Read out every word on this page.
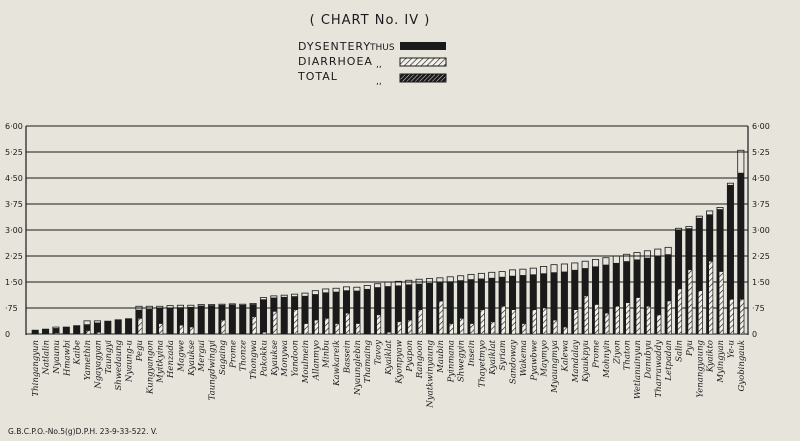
( CHART No. IV )
DYSENTERY
THUS
DIARRHOEA ,,
TOTAL	,,
0
·75
1·50
2·25
3·00
3·75
4·50
5·25
6·00
0
·75
1·50
2·25
3·00
3·75
4·50
5·25
6·00
Thingangyun Natlalin Nyaunu Hmawbi Kaibe Yamethin Ngayagyan Taungyi Shwedaung Nyaung-u Pegu Kungyangon Myitkyina Henzada Magwe Kyaukse Mergui Taungdwingyi Sagaing Prome Thonze Thongwa Pakokku Kyaukse Monywa Yandoon Moulmein Allanmyo Minbu Kawkareik Bassein Nyaunglebin Thamaing Tavoy Kyaiklat Kyonpyaw Pyapon Rangoon Nyatkwinyaung Maubin Pyinmana Shwegyin Insein Thayetmyo Kyaiklat Syriam Sandoway Wakema Pyawbwe Maymyo Myaungmya Kalewa Mandalay Kyaukpyu Prome Mohnyin Ziyon Thaton Wetlanuinyun Danubyu Tharrawaddy Letpadan Salin Pyu Yenangyaung Kyaikto Myingyan Ye-u Gyobingauk
G.B.C.P.O.-No.5(g)D.P.H. 23-9-33-522. V.
